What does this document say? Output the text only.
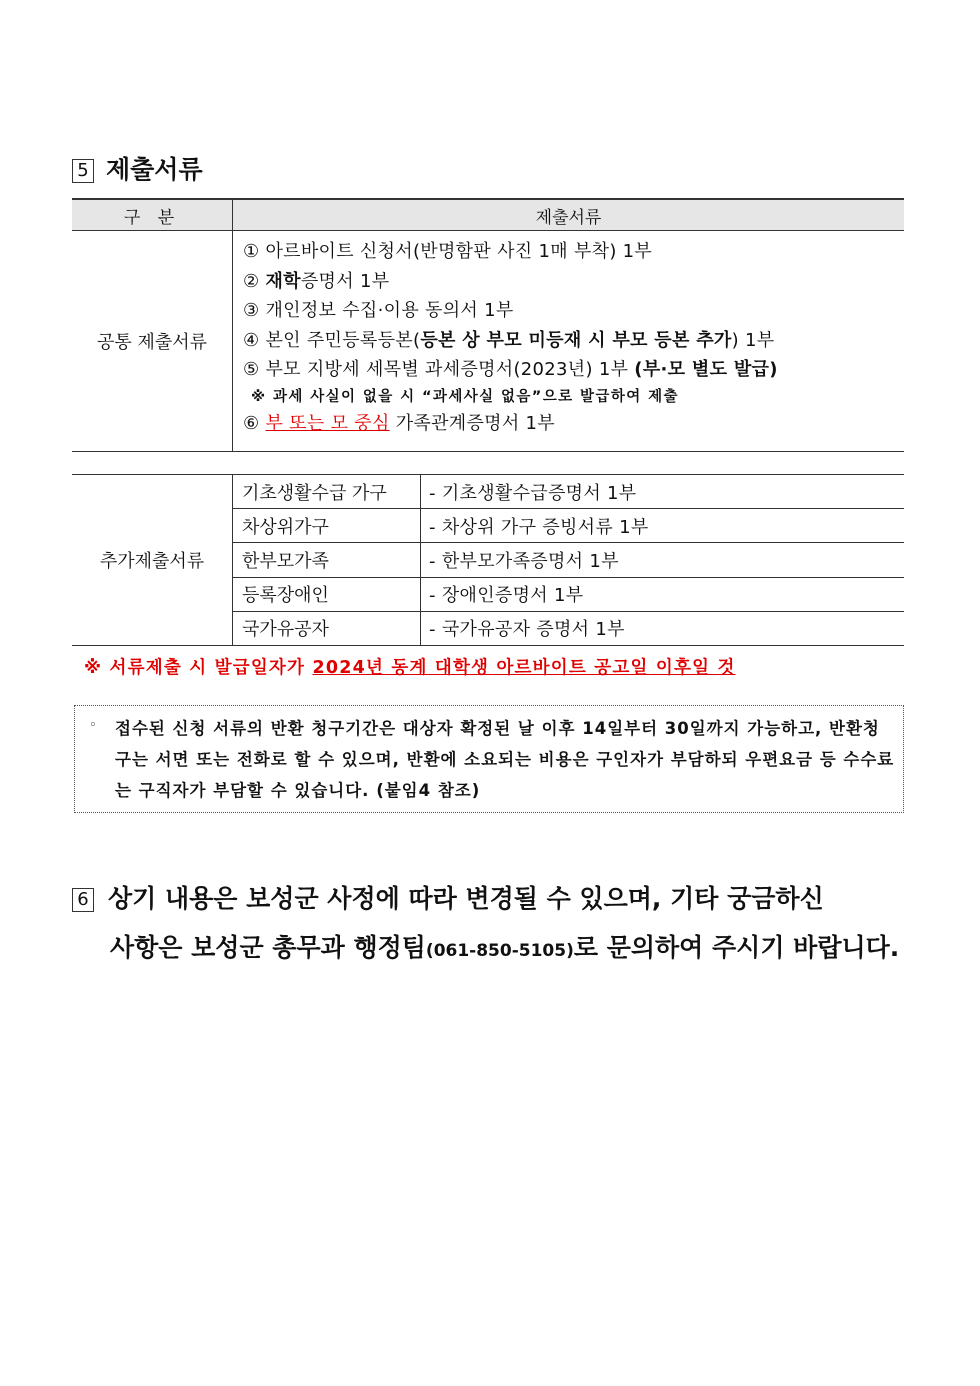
5 제출서류
구 분	제출서류
공통 제출서류
① 아르바이트 신청서(반명함판 사진 1매 부착) 1부
② 재학증명서 1부
③ 개인정보 수집·이용 동의서 1부
④ 본인 주민등록등본(등본 상 부모 미등재 시 부모 등본 추가) 1부
⑤ 부모 지방세 세목별 과세증명서(2023년) 1부 (부·모 별도 발급)
※ 과세 사실이 없을 시 “과세사실 없음”으로 발급하여 제출
⑥ 부 또는 모 중심 가족관계증명서 1부
추가제출서류
기초생활수급 가구	- 기초생활수급증명서 1부
차상위가구	- 차상위 가구 증빙서류 1부
한부모가족	- 한부모가족증명서 1부
등록장애인	- 장애인증명서 1부
국가유공자	- 국가유공자 증명서 1부
※ 서류제출 시 발급일자가 2024년 동계 대학생 아르바이트 공고일 이후일 것
◦ 접수된 신청 서류의 반환 청구기간은 대상자 확정된 날 이후 14일부터 30일까지 가능하고, 반환청구는 서면 또는 전화로 할 수 있으며, 반환에 소요되는 비용은 구인자가 부담하되 우편요금 등 수수료는 구직자가 부담할 수 있습니다. (붙임4 참조)
6 상기 내용은 보성군 사정에 따라 변경될 수 있으며, 기타 궁금하신
사항은 보성군 총무과 행정팀(061-850-5105)로 문의하여 주시기 바랍니다.
